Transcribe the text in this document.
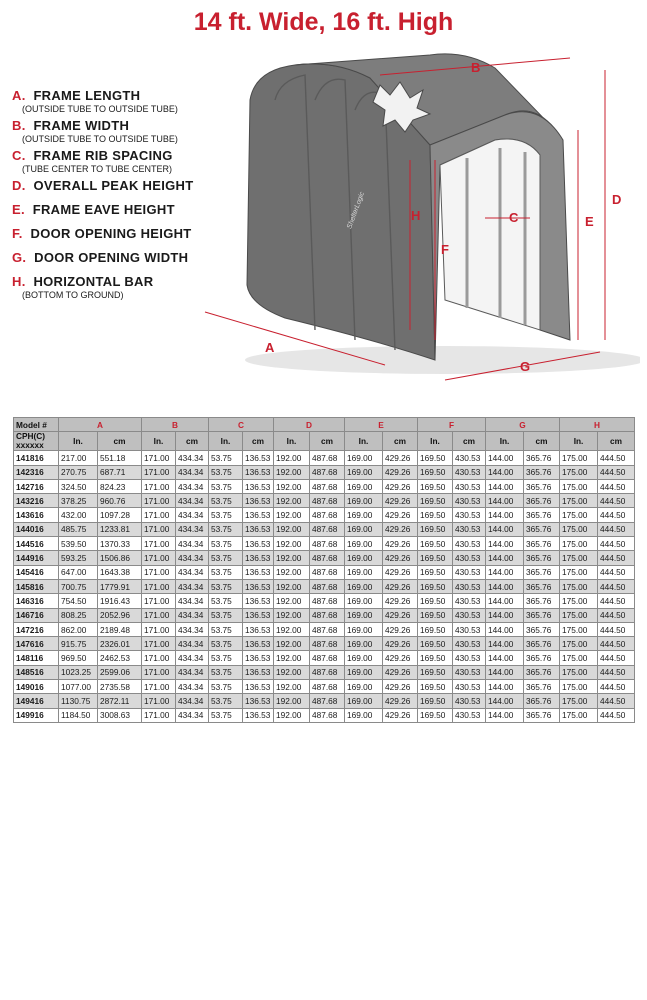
14 ft. Wide, 16 ft. High
A. FRAME LENGTH
(OUTSIDE TUBE TO OUTSIDE TUBE)
B. FRAME WIDTH
(OUTSIDE TUBE TO OUTSIDE TUBE)
C. FRAME RIB SPACING
(TUBE CENTER TO TUBE CENTER)
D. OVERALL PEAK HEIGHT
E. FRAME EAVE HEIGHT
F. DOOR OPENING HEIGHT
G. DOOR OPENING WIDTH
H. HORIZONTAL BAR
(BOTTOM TO GROUND)
A
B
C
D
E
F
G
H
ShelterLogic
Model #	A		B		C		D		E		F		G		H	
CPH(C)
xxxxxx	In.	cm	In.	cm	In.	cm	In.	cm	In.	cm	In.	cm	In.	cm	In.	cm
141816	217.00	551.18	171.00	434.34	53.75	136.53	192.00	487.68	169.00	429.26	169.50	430.53	144.00	365.76	175.00	444.50
142316	270.75	687.71	171.00	434.34	53.75	136.53	192.00	487.68	169.00	429.26	169.50	430.53	144.00	365.76	175.00	444.50
142716	324.50	824.23	171.00	434.34	53.75	136.53	192.00	487.68	169.00	429.26	169.50	430.53	144.00	365.76	175.00	444.50
143216	378.25	960.76	171.00	434.34	53.75	136.53	192.00	487.68	169.00	429.26	169.50	430.53	144.00	365.76	175.00	444.50
143616	432.00	1097.28	171.00	434.34	53.75	136.53	192.00	487.68	169.00	429.26	169.50	430.53	144.00	365.76	175.00	444.50
144016	485.75	1233.81	171.00	434.34	53.75	136.53	192.00	487.68	169.00	429.26	169.50	430.53	144.00	365.76	175.00	444.50
144516	539.50	1370.33	171.00	434.34	53.75	136.53	192.00	487.68	169.00	429.26	169.50	430.53	144.00	365.76	175.00	444.50
144916	593.25	1506.86	171.00	434.34	53.75	136.53	192.00	487.68	169.00	429.26	169.50	430.53	144.00	365.76	175.00	444.50
145416	647.00	1643.38	171.00	434.34	53.75	136.53	192.00	487.68	169.00	429.26	169.50	430.53	144.00	365.76	175.00	444.50
145816	700.75	1779.91	171.00	434.34	53.75	136.53	192.00	487.68	169.00	429.26	169.50	430.53	144.00	365.76	175.00	444.50
146316	754.50	1916.43	171.00	434.34	53.75	136.53	192.00	487.68	169.00	429.26	169.50	430.53	144.00	365.76	175.00	444.50
146716	808.25	2052.96	171.00	434.34	53.75	136.53	192.00	487.68	169.00	429.26	169.50	430.53	144.00	365.76	175.00	444.50
147216	862.00	2189.48	171.00	434.34	53.75	136.53	192.00	487.68	169.00	429.26	169.50	430.53	144.00	365.76	175.00	444.50
147616	915.75	2326.01	171.00	434.34	53.75	136.53	192.00	487.68	169.00	429.26	169.50	430.53	144.00	365.76	175.00	444.50
148116	969.50	2462.53	171.00	434.34	53.75	136.53	192.00	487.68	169.00	429.26	169.50	430.53	144.00	365.76	175.00	444.50
148516	1023.25	2599.06	171.00	434.34	53.75	136.53	192.00	487.68	169.00	429.26	169.50	430.53	144.00	365.76	175.00	444.50
149016	1077.00	2735.58	171.00	434.34	53.75	136.53	192.00	487.68	169.00	429.26	169.50	430.53	144.00	365.76	175.00	444.50
149416	1130.75	2872.11	171.00	434.34	53.75	136.53	192.00	487.68	169.00	429.26	169.50	430.53	144.00	365.76	175.00	444.50
149916	1184.50	3008.63	171.00	434.34	53.75	136.53	192.00	487.68	169.00	429.26	169.50	430.53	144.00	365.76	175.00	444.50
